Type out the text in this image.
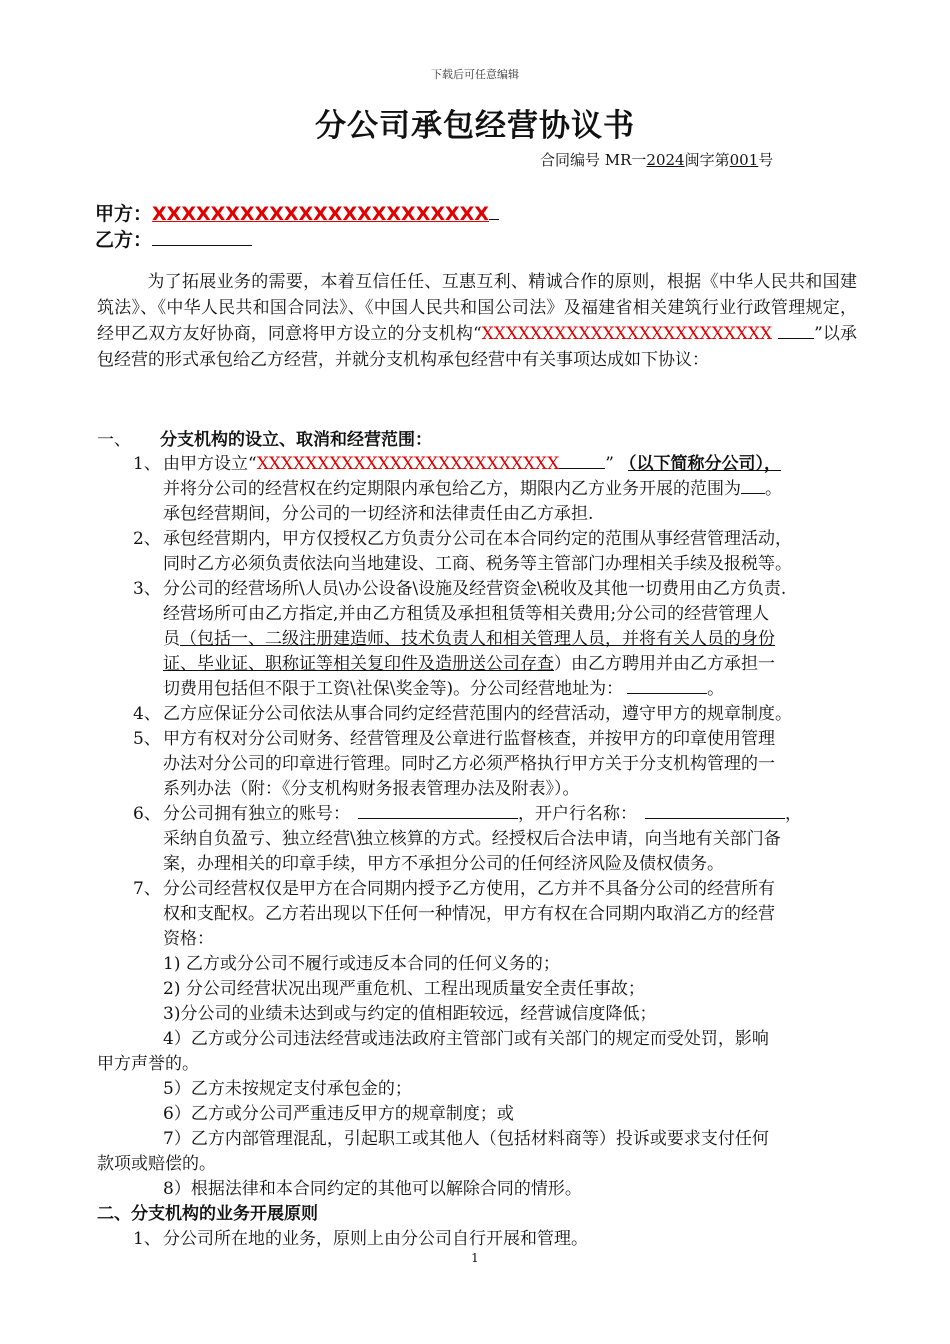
下载后可任意编辑
分公司承包经营协议书
合同编号 MR一2024闽字第001号
甲方：XXXXXXXXXXXXXXXXXXXXXXX
乙方：
为了拓展业务的需要，本着互信任任、互惠互利、精诚合作的原则，根据《中华人民共和国建筑法》、《中华人民共和国合同法》、《中国人民共和国公司法》及福建省相关建筑行业行政管理规定，经甲乙双方友好协商，同意将甲方设立的分支机构“XXXXXXXXXXXXXXXXXXXXXXXX ”以承包经营的形式承包给乙方经营，并就分支机构承包经营中有关事项达成如下协议：
一、 分支机构的设立、取消和经营范围：
1、 由甲方设立“XXXXXXXXXXXXXXXXXXXXXXXXX	” （以下简称分公司），
并将分公司的经营权在约定期限内承包给乙方，期限内乙方业务开展的范围为 。
承包经营期间，分公司的一切经济和法律责任由乙方承担.
2、 承包经营期内，甲方仅授权乙方负责分公司在本合同约定的范围从事经营管理活动，
同时乙方必须负责依法向当地建设、工商、税务等主管部门办理相关手续及报税等。
3、 分公司的经营场所\人员\办公设备\设施及经营资金\税收及其他一切费用由乙方负责.
经营场所可由乙方指定,并由乙方租赁及承担租赁等相关费用;分公司的经营管理人
员（包括一、二级注册建造师、技术负责人和相关管理人员，并将有关人员的身份
证、毕业证、职称证等相关复印件及造册送公司存查）由乙方聘用并由乙方承担一
切费用包括但不限于工资\社保\奖金等)。分公司经营地址为：	。
4、 乙方应保证分公司依法从事合同约定经营范围内的经营活动，遵守甲方的规章制度。
5、 甲方有权对分公司财务、经营管理及公章进行监督核查，并按甲方的印章使用管理
办法对分公司的印章进行管理。同时乙方必须严格执行甲方关于分支机构管理的一
系列办法（附：《分支机构财务报表管理办法及附表》）。
6、 分公司拥有独立的账号：	，开户行名称：	，
采纳自负盈亏、独立经营\独立核算的方式。经授权后合法申请，向当地有关部门备
案，办理相关的印章手续，甲方不承担分公司的任何经济风险及债权债务。
7、 分公司经营权仅是甲方在合同期内授予乙方使用，乙方并不具备分公司的经营所有
权和支配权。乙方若出现以下任何一种情况，甲方有权在合同期内取消乙方的经营
资格：
1) 乙方或分公司不履行或违反本合同的任何义务的；
2) 分公司经营状况出现严重危机、工程出现质量安全责任事故；
3)分公司的业绩未达到或与约定的值相距较远，经营诚信度降低；
4）乙方或分公司违法经营或违法政府主管部门或有关部门的规定而受处罚，影响
甲方声誉的。
5）乙方未按规定支付承包金的；
6）乙方或分公司严重违反甲方的规章制度；或
7）乙方内部管理混乱，引起职工或其他人（包括材料商等）投诉或要求支付任何
款项或赔偿的。
8）根据法律和本合同约定的其他可以解除合同的情形。
二、分支机构的业务开展原则
1、 分公司所在地的业务，原则上由分公司自行开展和管理。
1
